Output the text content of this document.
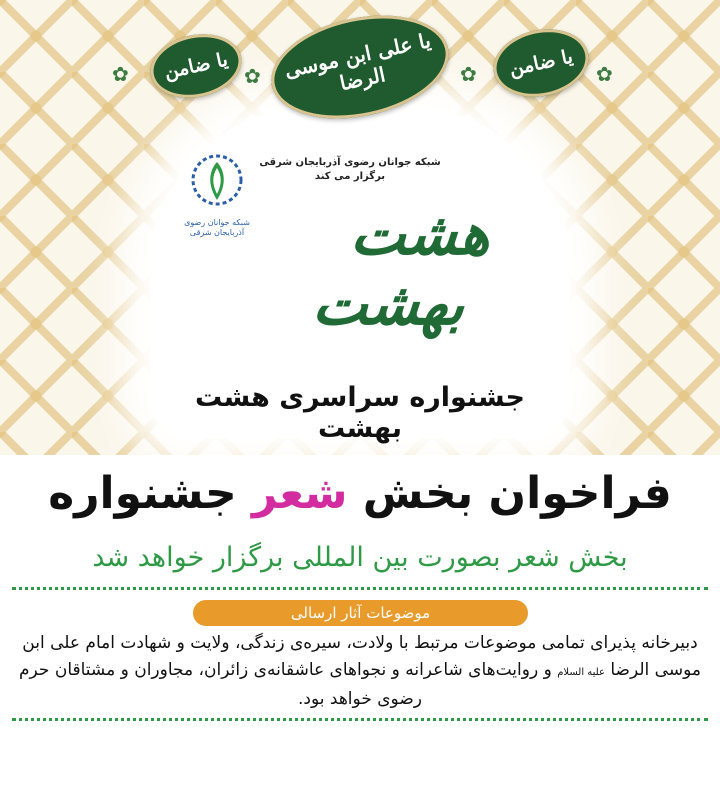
✿	✿	✿	✿
یا ضامن	یا علی ابن موسی الرضا	یا ضامن
شبکه جوانان رضوی آذربایجان شرقی
برگزار می کند
شبکه جوانان رضوی آذربایجان شرقی هشت
بهشت
جشنواره سراسری هشت بهشت
فراخوان بخش شعر جشنواره
بخش شعر بصورت بین المللی برگزار خواهد شد
موضوعات آثار ارسالی
دبیرخانه پذیرای تمامی موضوعات مرتبط با ولادت، سیره‌ی زندگی، ولایت و شهادت امام علی ابن موسی الرضا علیه السلام و روایت‌های شاعرانه و نجواهای عاشقانه‌ی زائران، مجاوران و مشتاقان حرم رضوی خواهد بود.
